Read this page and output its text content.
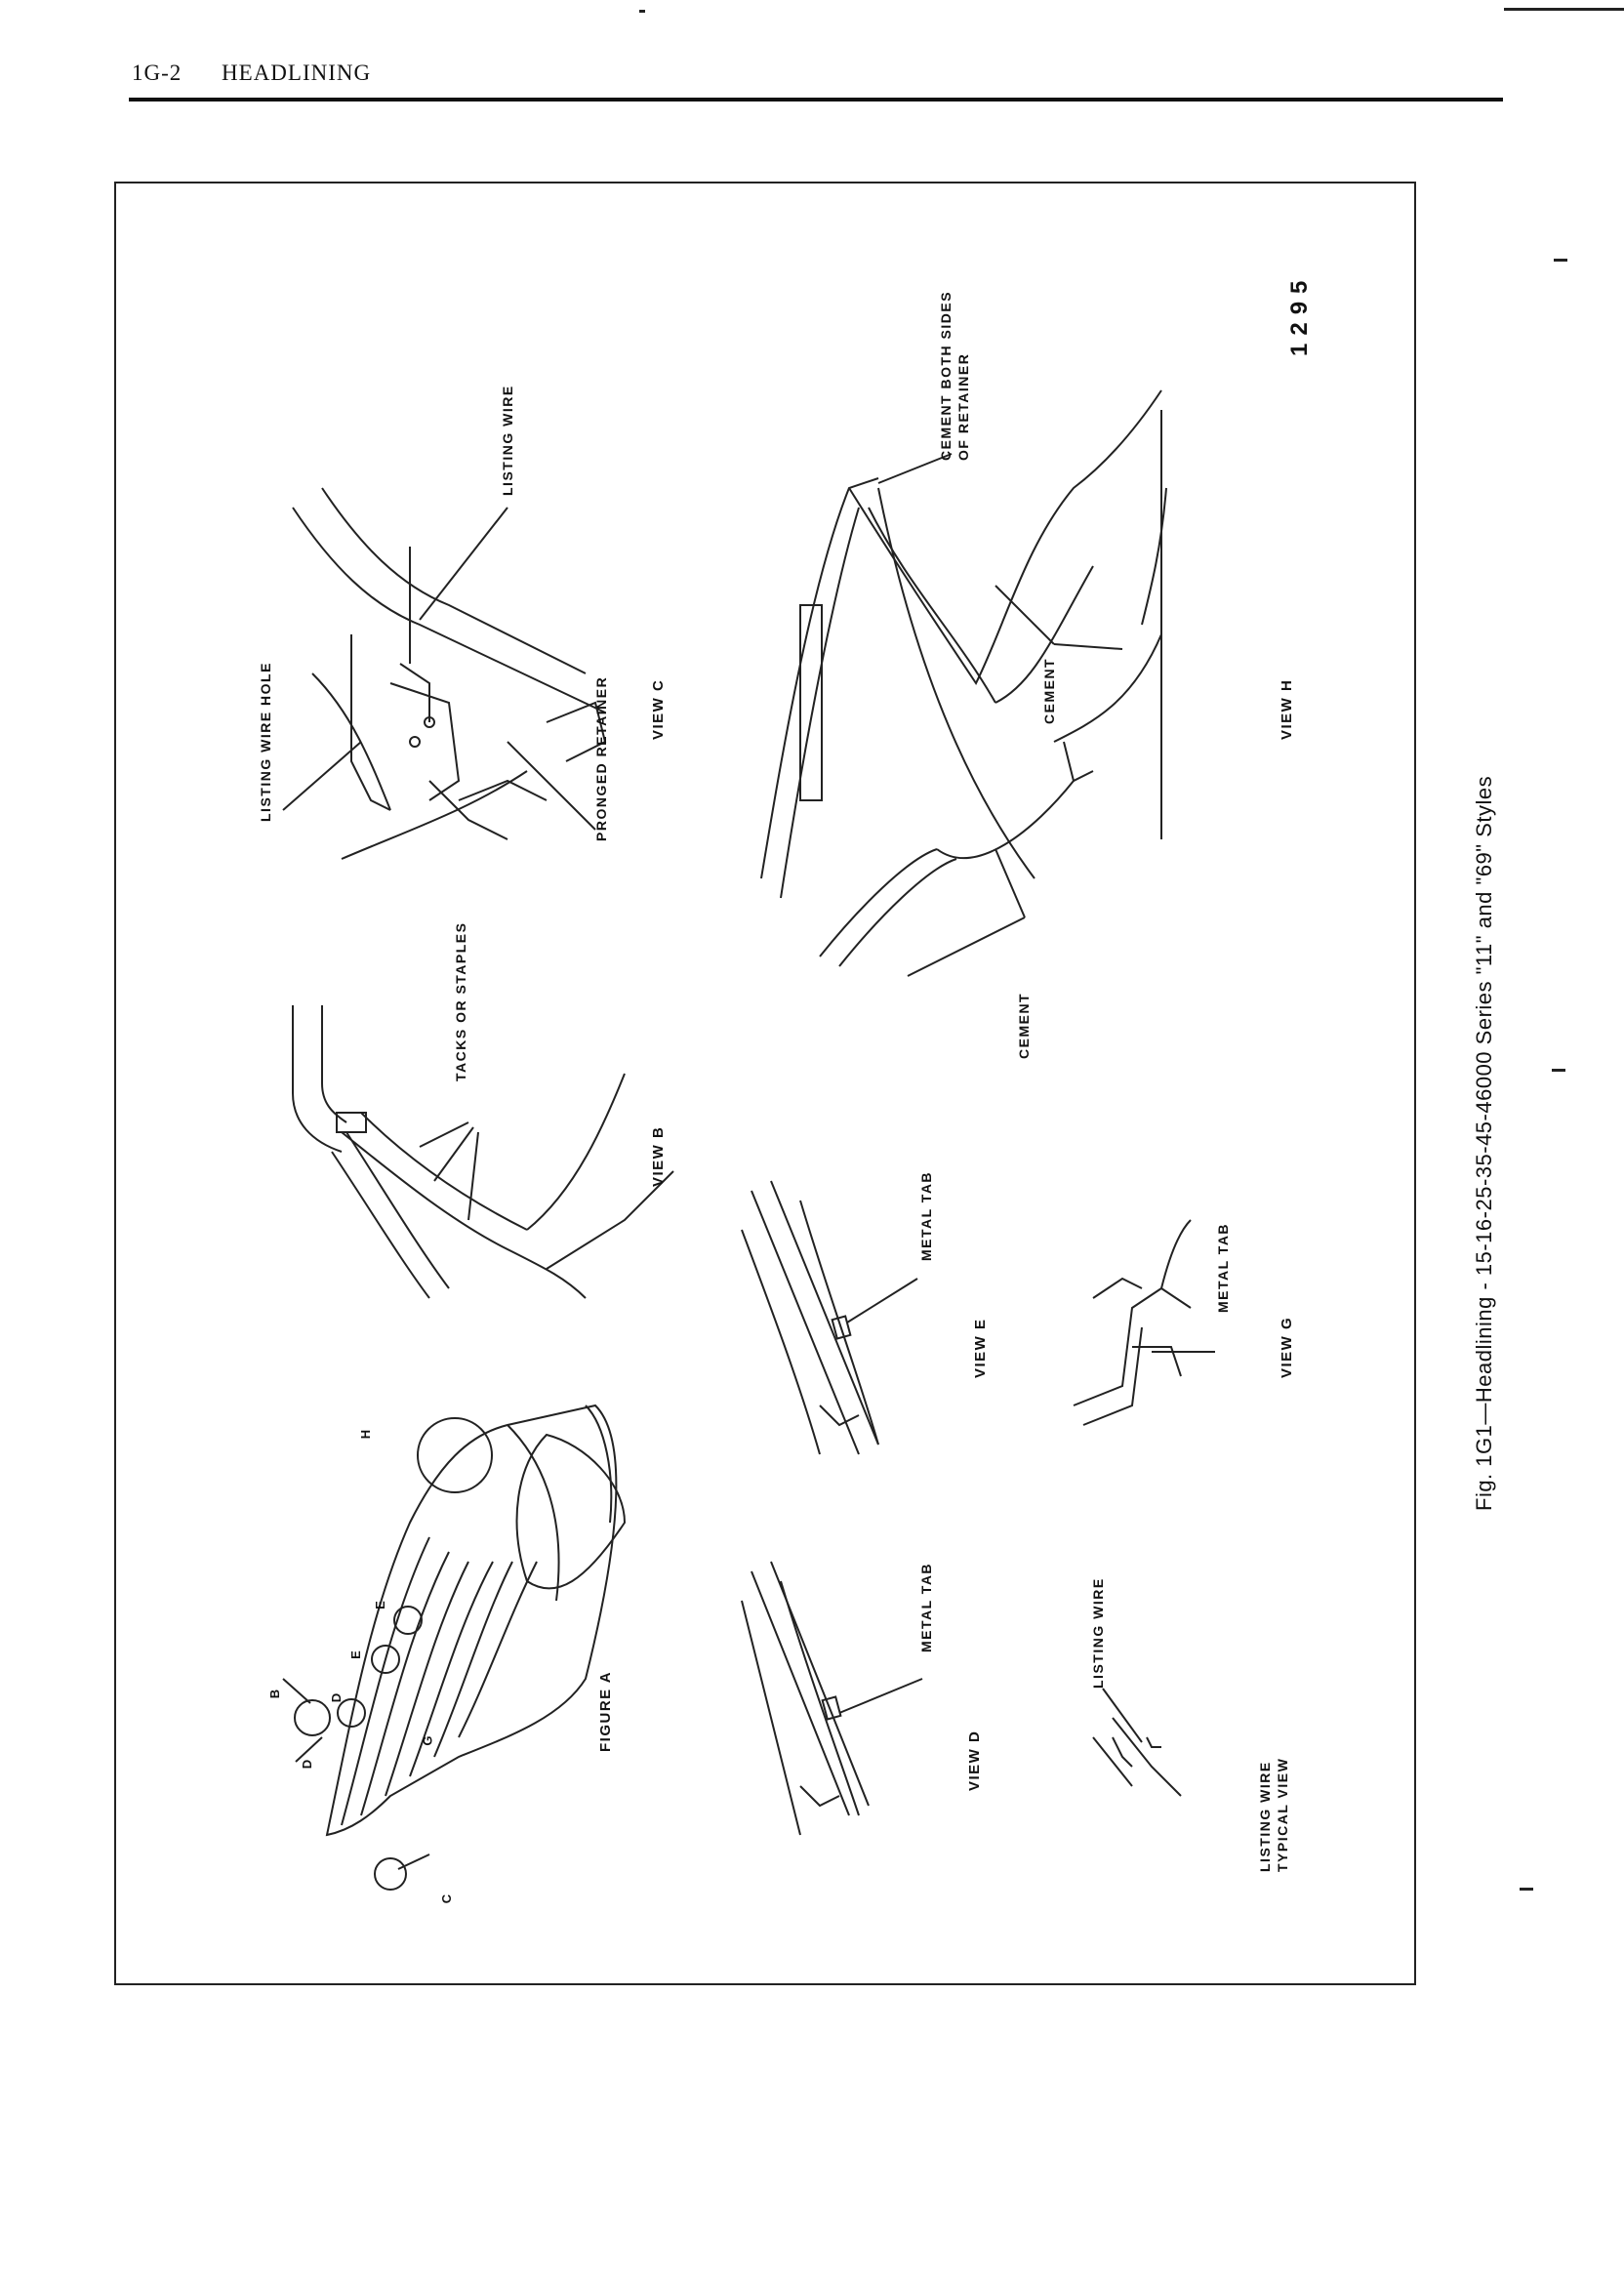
1G-2 HEADLINING
B
D
D
C
E
E
G
H
FIGURE A
VIEW B
TACKS OR STAPLES
VIEW C
LISTING WIRE HOLE
LISTING WIRE
PRONGED RETAINER	VIEW H
CEMENT BOTH SIDES OF RETAINER
CEMENT
CEMENT
VIEW D
METAL TAB
VIEW E
METAL TAB
VIEW G
METAL TAB
LISTING WIRE TYPICAL VIEW
LISTING WIRE
1295
Fig. 1G1—Headlining - 15-16-25-35-45-46000 Series "11" and "69" Styles
